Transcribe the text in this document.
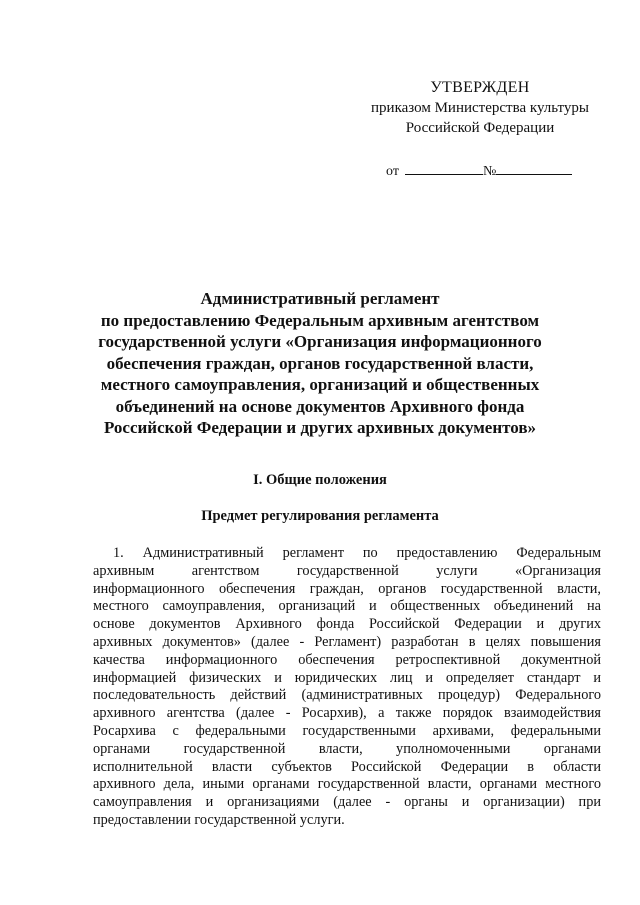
УТВЕРЖДЕН
приказом Министерства культуры
Российской Федерации
от	№
Административный регламент
по предоставлению Федеральным архивным агентством
государственной услуги «Организация информационного
обеспечения граждан, органов государственной власти,
местного самоуправления, организаций и общественных
объединений на основе документов Архивного фонда
Российской Федерации и других архивных документов»
I. Общие положения
Предмет регулирования регламента
1. Административный регламент по предоставлению Федеральным
архивным агентством государственной услуги «Организация
информационного обеспечения граждан, органов государственной власти,
местного самоуправления, организаций и общественных объединений на
основе документов Архивного фонда Российской Федерации и других
архивных документов» (далее - Регламент) разработан в целях повышения
качества информационного обеспечения ретроспективной документной
информацией физических и юридических лиц и определяет стандарт и
последовательность действий (административных процедур) Федерального
архивного агентства (далее - Росархив), а также порядок взаимодействия
Росархива с федеральными государственными архивами, федеральными
органами государственной власти, уполномоченными органами
исполнительной власти субъектов Российской Федерации в области
архивного дела, иными органами государственной власти, органами местного
самоуправления и организациями (далее - органы и организации) при
предоставлении государственной услуги.
